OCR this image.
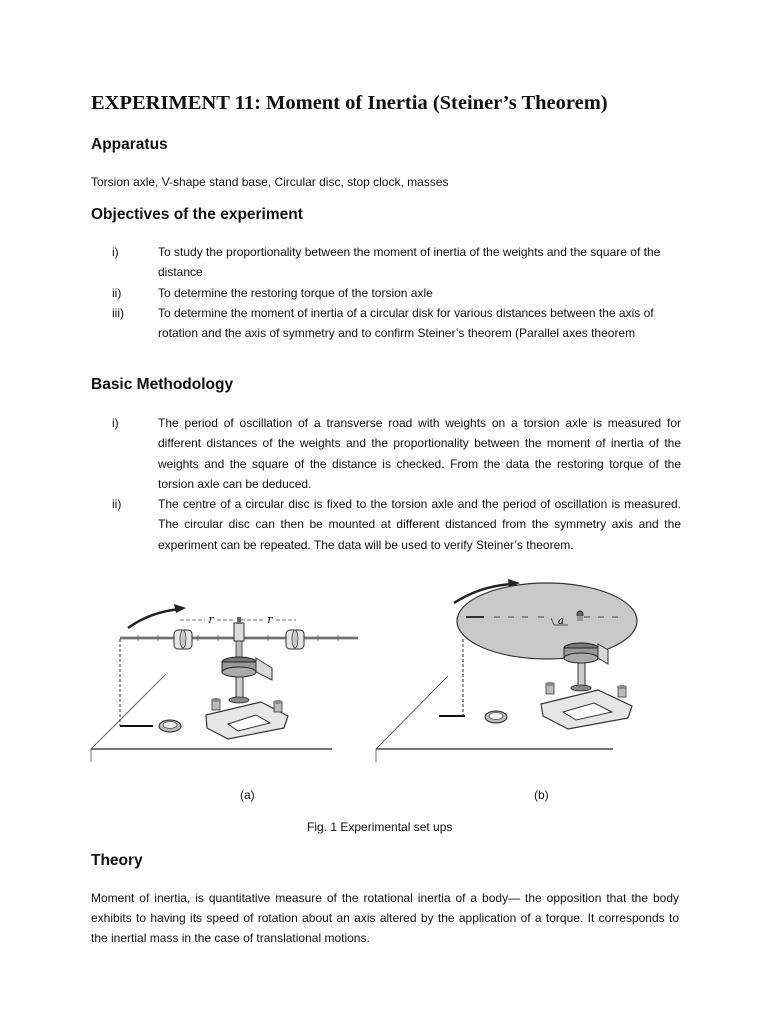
EXPERIMENT 11: Moment of Inertia (Steiner’s Theorem)
Apparatus

Torsion axle, V-shape stand base, Circular disc, stop clock, masses

Objectives of the experiment
i)	To study the proportionality between the moment of inertia of the weights and the square of the distance
ii)	To determine the restoring torque of the torsion axle
iii)	To determine the moment of inertia of a circular disk for various distances between the axis of rotation and the axis of symmetry and to confirm Steiner’s theorem (Parallel axes theorem
Basic Methodology
i)	The period of oscillation of a transverse road with weights on a torsion axle is measured for different distances of the weights and the proportionality between the moment of inertia of the weights and the square of the distance is checked. From the data the restoring torque of the torsion axle can be deduced.
ii)	The centre of a circular disc is fixed to the torsion axle and the period of oscillation is measured. The circular disc can then be mounted at different distanced from the symmetry axis and the experiment can be repeated. The data will be used to verify Steiner’s theorem.
r	r	a
(a)	(b)
Fig. 1 Experimental set ups
Theory

Moment of inertia, is quantitative measure of the rotational inertia of a body— the opposition that the body exhibits to having its speed of rotation about an axis altered by the application of a torque. It corresponds to the inertial mass in the case of translational motions.
